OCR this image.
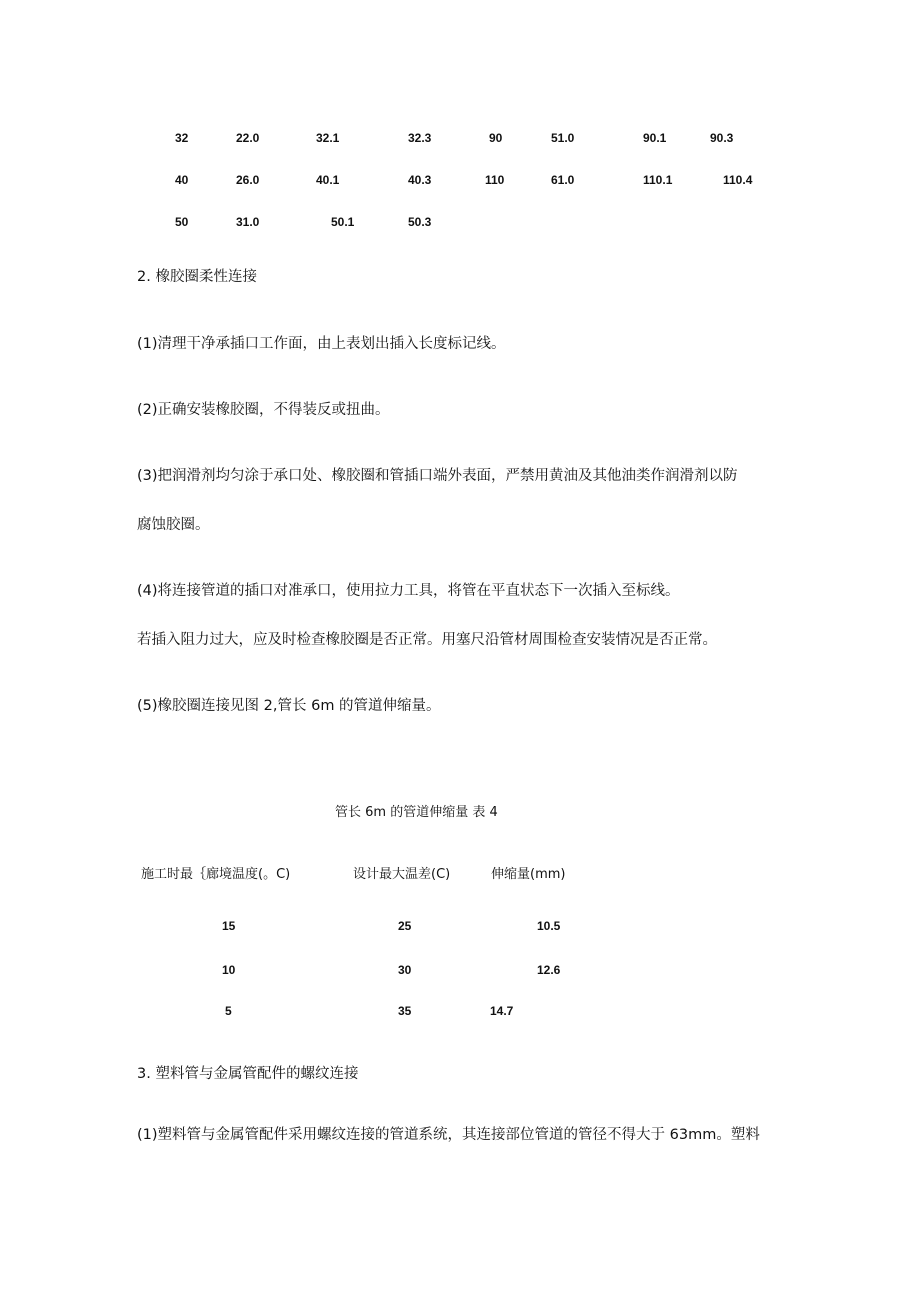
32	22.0	32.1	32.3	90	51.0	90.1	90.3
40	26.0	40.1	40.3	110	61.0	110.1	110.4
50	31.0	50.1	50.3
2. 橡胶圈柔性连接
(1)清理干净承插口工作面，由上表划出插入长度标记线。
(2)正确安装橡胶圈，不得装反或扭曲。
(3)把润滑剂均匀涂于承口处、橡胶圈和管插口端外表面，严禁用黄油及其他油类作润滑剂以防
腐蚀胶圈。
(4)将连接管道的插口对准承口，使用拉力工具，将管在平直状态下一次插入至标线。
若插入阻力过大，应及时检查橡胶圈是否正常。用塞尺沿管材周围检查安装情况是否正常。
(5)橡胶圈连接见图 2,管长 6m 的管道伸缩量。
管长 6m 的管道伸缩量 表 4
施工时最｛廊境温度(。C)	设计最大温差(C)	伸缩量(mm)
15	25	10.5
10	30	12.6
5	35	14.7
3. 塑料管与金属管配件的螺纹连接
(1)塑料管与金属管配件采用螺纹连接的管道系统，其连接部位管道的管径不得大于 63mm。塑料
